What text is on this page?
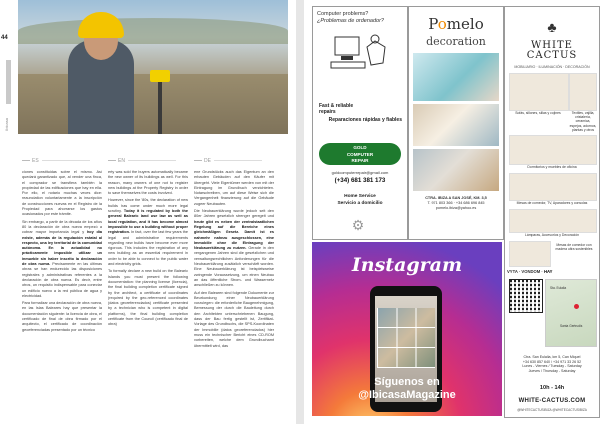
44
Ibicasa
ES	EN	DE

ciones constituidas sobre el mismo. Así quedará garantizado que, al vender una finca, el comprador se transfiera también la propiedad de las edificaciones que hay en ella. Por ello, el notario muchas veces dice: reaunciation voluntariamente a la inscripción de construcciones nuevas en el Registro de la Propiedad para ahorrarse los gastos ocasionados por este trámite.

Sin embargo, a partir de la década de los años 80 la declaración de obra nueva empezó a cobrar mayor importancia legal y hoy día existe, además de la regulación estatal al respecto, una ley territorial de la comunidad autónoma. En la actualidad no prácticamente imposible utilizar un inmueble sin haber inscrito la declaración de obra nueva. Precisamente en las últimas obras se han endurecido las disposiciones registrales y administrativas referentes a la declaración de obra nueva. Es decir, entre otros, un requisito indispensable para conectar un edificio nuevo a la red pública de agua y electricidad.

Para formalizar una declaración de obra nueva, en las Islas Baleares hay que presentar la documentación siguiente: la licencia de obra, el certificado de final de obra firmado por el arquitecto, el certificado de coordinación geoeferenciadas presentado por un técnico

erty was sold the buyers automatically became the new owner of its buildings as well. For this reason, many owners of one not to register new buildings at the Property Registry in order to save themselves the costs involved.

However, since the '80s, the declaration of new builds has come under much more legal scrutiny. Today it is regulated by both the general Balearic land use law as well as local regulation, and it has become almost impossible to use a building without proper registration. In fact, over the last few years the legal and administrative requirements regarding new builds have become ever more rigorous. This includes the registration of any new building as an essential requirement in order to be able to connect to the public water and electricity grids.

To formally declare a new build on the Balearic Islands you must present the following documentation: the planning license (licencia), the final building completion certificate signed by the architect, a certificate of coordinates (required by the geo-referenced coordinates (datos georeferenciados) certificate presented by a technician who is competent in digital platforms), the final building completion certificate from the Council (certificado final de obra)

ene Grundstücks auch das Eigentum an den erbauten Gebäuden auf den Käufer mit übergeht. Viele Eigentümer werden von mit der Eintragung im Grundbuch verzichteten. Notarschreiben, um auf diese Weise sich die Vergangenheit finanzierung auf die Gebäude zugeer Neubauten.

Die Neubauerklärung wurde jedoch seit den 80er Jahren gesetzlich strenger geregelt und heute gibt es neben der zentralstaatlichen Regelung auf die Bereiche eines gleichmäßigen Gesetz. Damit ist es nahmehr nahezu ausgeschlossen, eine Immobilie ohne die Eintragung der Neubauerklärung zu nutzen. Gerade in den vergangenen Jahren sind die gesetzlichen und verwaltungsrechtlichen Anforderungen für die Neubauerklärung zusätzlich verschärft worden. Eine Neubauerklärung ist beispielsweise zwingende Voraussetzung, um einen Neubau an das öffentliche Strom- und Wassernetz anschließen zu können.

Auf den Balearen sind folgende Dokumente zur Beurkundung einer Neubauerklärung vorzulegen: die erforderliche Baugenehmigung, Bemessung der durch die Bauleitung durch den Architekten unterschriebenen Baugung, dass der Bau fertig gestellt ist, Zertifikat-Vorlage des Grundbuchs, die SPS-Koordinaten der Immobilie (datos georeferenciados) hier muss ein technischer Bericht eines CD-ROM vorbereiten, welche dem Grundbuchamt übermittelt wird, das

Computer problems?
¿Problemas de ordenador?
Fast & reliable repairs
Reparaciones rápidas y fiables
GOLD
COMPUTER
REPAIR
goldcomputerrepair@gmail.com
(+34) 681 381 173
Home Service
Servicio a domicilio
⚙
Pomelo
decoration
CTRA. IBIZA A SAN JOSÉ, KM. 3,5
T. 971 803 366 · +34 686 696 845
pomelo.ibiza@yahoo.es
♣
WHITE
CACTUS
MOBILIARIO · ILUMINACIÓN · DECORACIÓN
Textiles, vajilla, cristalería, ceramica, espejos, adornos, plantas y otros
Sofás, sillones, sillas y cojines
Dormitorios y muebles de oficina
Mesas de comedor, TV, Aparadores y consolas
Lámparas, Accesorios y Decoración
Mesas de comedor con madera ultra sostenibles
VYTA · VONDOM · HAY
Sta. Eulalia
Santa Gertrudis
Ctra. San Eulalia, km 5, Can Miquel
+34 630 857 640 / +34 971 33 26 52
Lunes - Viernes / Tuesday - Saturday
Jueves / Thursday - Saturday
10h - 14h
WHITE-CACTUS.COM
@WHITECACTUSIBIZA @WHITECACTUSIBIZA
Instagram
Síguenos en
@IbicasaMagazine
